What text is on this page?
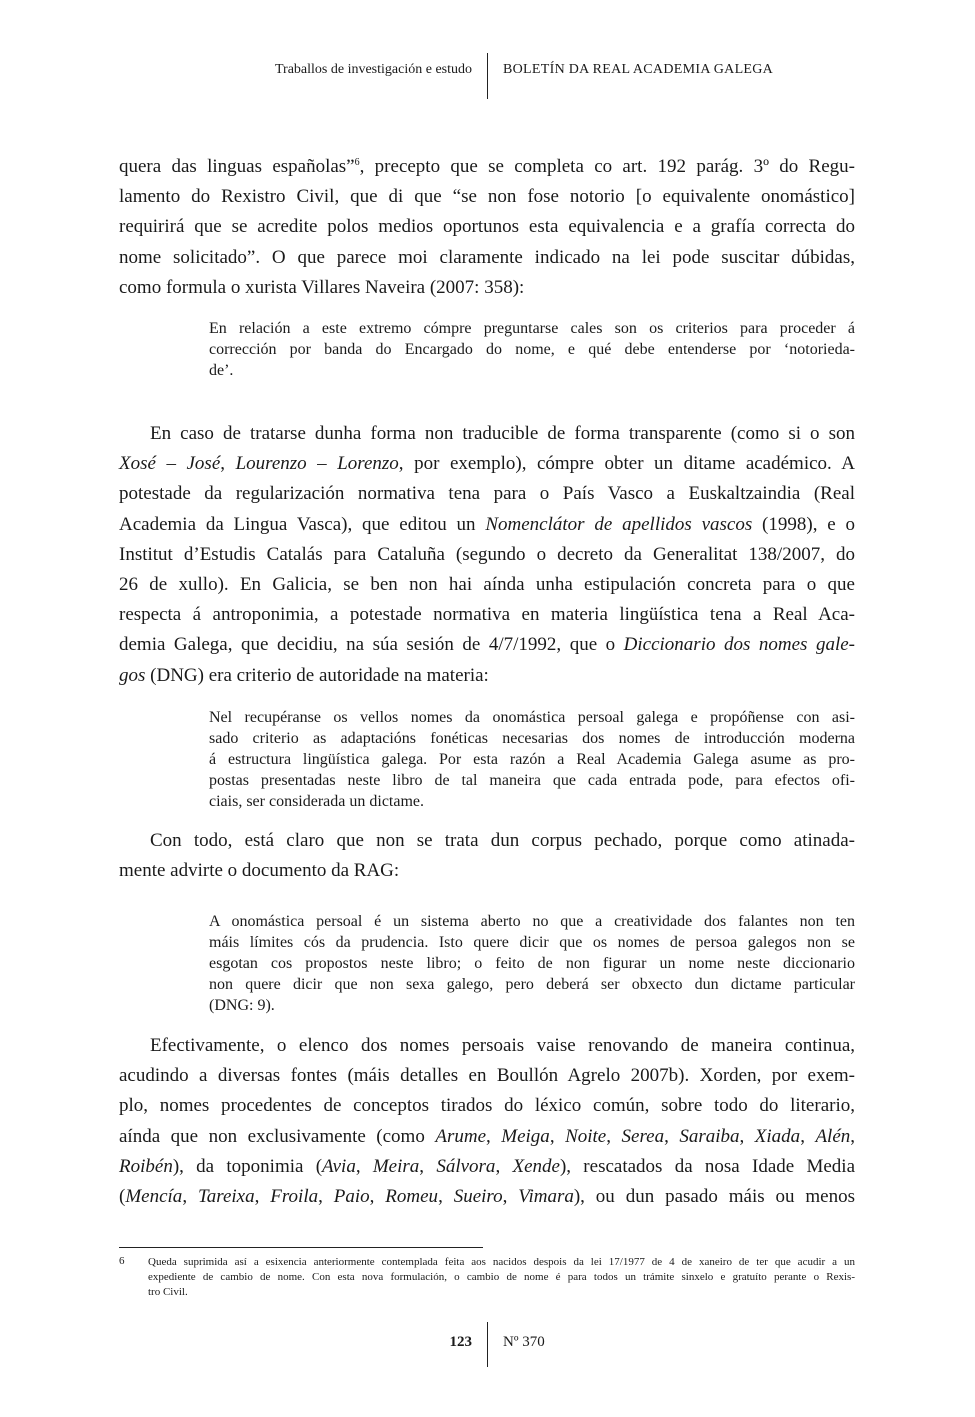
Traballos de investigación e estudo BOLETÍN DA REAL ACADEMIA GALEGA
quera das linguas españolas”$^6$, precepto que se completa co art. 192 parág. 3º do Regu-
lamento do Rexistro Civil, que di que “se non fose notorio [o equivalente onomástico]
requirirá que se acredite polos medios oportunos esta equivalencia e a grafía correcta do
nome solicitado”. O que parece moi claramente indicado na lei pode suscitar dúbidas,
como formula o xurista Villares Naveira (2007: 358):
En relación a este extremo cómpre preguntarse cales son os criterios para proceder á
corrección por banda do Encargado do nome, e qué debe entenderse por ‘notorieda-
de’.
En caso de tratarse dunha forma non traducible de forma transparente (como si o son
Xosé – José, Lourenzo – Lorenzo, por exemplo), cómpre obter un ditame académico. A
potestade da regularización normativa tena para o País Vasco a Euskaltzaindia (Real
Academia da Lingua Vasca), que editou un Nomenclátor de apellidos vascos (1998), e o
Institut d’Estudis Catalás para Cataluña (segundo o decreto da Generalitat 138/2007, do
26 de xullo). En Galicia, se ben non hai aínda unha estipulación concreta para o que
respecta á antroponimia, a potestade normativa en materia lingüística tena a Real Aca-
demia Galega, que decidiu, na súa sesión de 4/7/1992, que o Diccionario dos nomes gale-
gos (DNG) era criterio de autoridade na materia:
Nel recupéranse os vellos nomes da onomástica persoal galega e propóñense con asi-
sado criterio as adaptacións fonéticas necesarias dos nomes de introducción moderna
á estructura lingüística galega. Por esta razón a Real Academia Galega asume as pro-
postas presentadas neste libro de tal maneira que cada entrada pode, para efectos ofi-
ciais, ser considerada un dictame.
Con todo, está claro que non se trata dun corpus pechado, porque como atinada-
mente advirte o documento da RAG:
A onomástica persoal é un sistema aberto no que a creatividade dos falantes non ten
máis límites cós da prudencia. Isto quere dicir que os nomes de persoa galegos non se
esgotan cos propostos neste libro; o feito de non figurar un nome neste diccionario
non quere dicir que non sexa galego, pero deberá ser obxecto dun dictame particular
(DNG: 9).
Efectivamente, o elenco dos nomes persoais vaise renovando de maneira continua,
acudindo a diversas fontes (máis detalles en Boullón Agrelo 2007b). Xorden, por exem-
plo, nomes procedentes de conceptos tirados do léxico común, sobre todo do literario,
aínda que non exclusivamente (como Arume, Meiga, Noite, Serea, Saraiba, Xiada, Alén,
Roibén), da toponimia (Avia, Meira, Sálvora, Xende), rescatados da nosa Idade Media
(Mencía, Tareixa, Froila, Paio, Romeu, Sueiro, Vimara), ou dun pasado máis ou menos
6 Queda suprimida así a esixencia anteriormente contemplada feita aos nacidos despois da lei 17/1977 de 4 de xaneiro de ter que acudir a un
expediente de cambio de nome. Con esta nova formulación, o cambio de nome é para todos un trámite sinxelo e gratuíto perante o Rexis-
tro Civil.
123 Nº 370
